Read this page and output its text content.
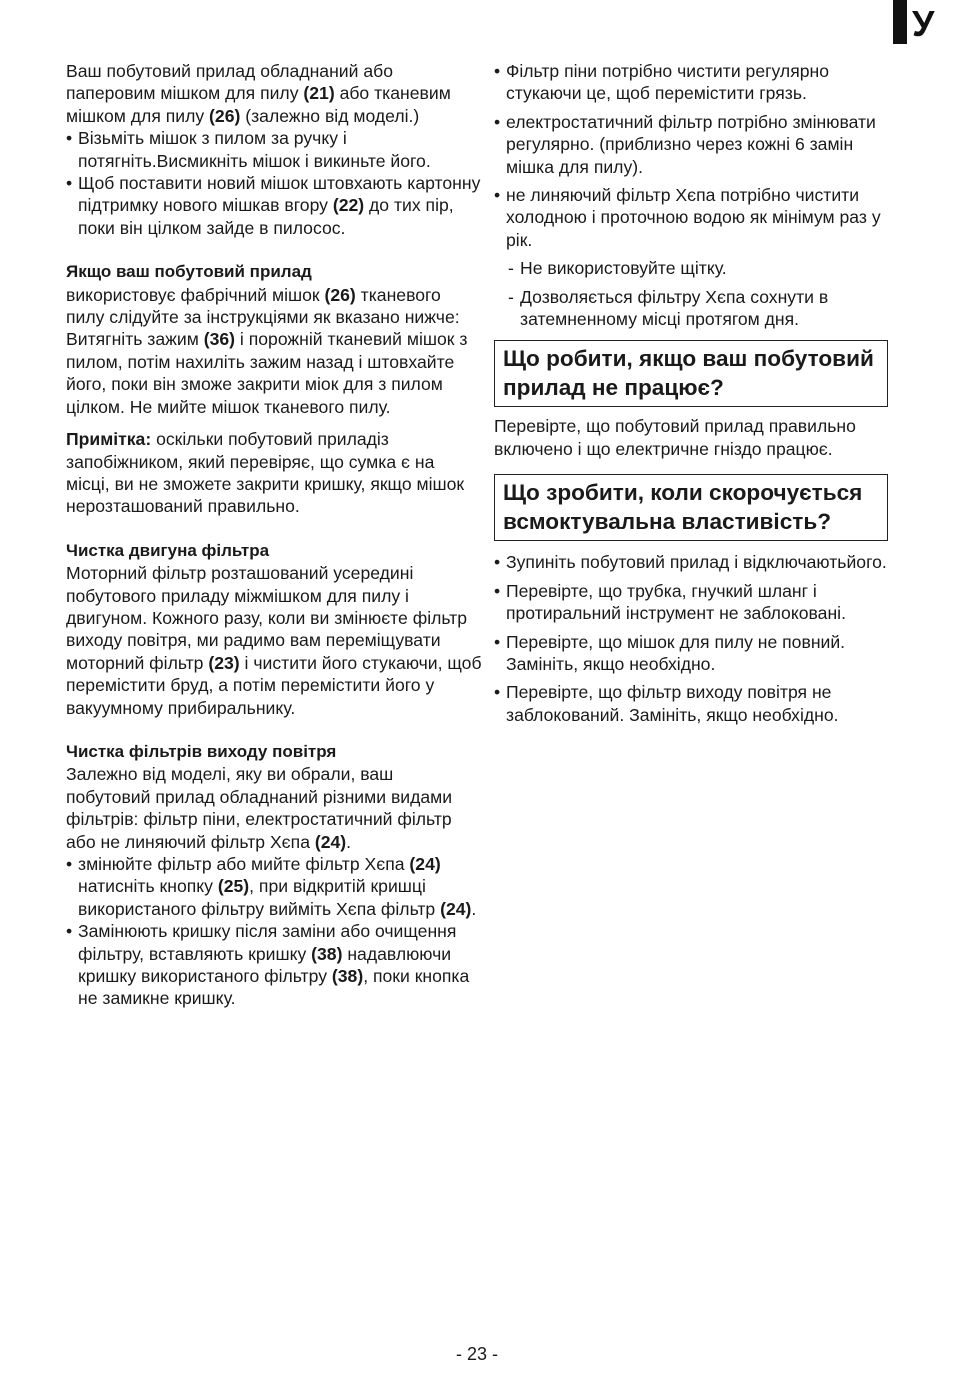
У

Ваш побутовий прилад обладнаний або паперовим мішком для пилу (21) або тканевим мішком для пилу (26) (залежно від моделі.)

• Візьміть мішок з пилом за ручку і потягніть.Висмикніть мішок і викиньте його.
• Щоб поставити новий мішок штовхають картонну підтримку нового мішкав вгору (22) до тих пір, поки він цілком зайде в пилосос.

Якщо ваш побутовий прилад

використовує фабрічний мішок (26) тканевого пилу слідуйте за інструкціями як вказано нижче: Витягніть зажим (36) і порожній тканевий мішок з пилом, потім нахиліть зажим назад і штовхайте його, поки він зможе закрити міок для з пилом цілком. Не мийте мішок тканевого пилу.

Примітка: оскільки побутовий приладіз запобіжником, який перевіряє, що сумка є на місці, ви не зможете закрити кришку, якщо мішок нерозташований правильно.

Чистка двигуна фільтра

Моторний фільтр розташований усередині побутового приладу міжмішком для пилу і двигуном. Кожного разу, коли ви змінюєте фільтр виходу повітря, ми радимо вам переміщувати моторний фільтр (23) і чистити його стукаючи, щоб перемістити бруд, а потім перемістити його у вакуумному прибиральнику.

Чистка фільтрів виходу повітря

Залежно від моделі, яку ви обрали, ваш побутовий прилад обладнаний різними видами фільтрів: фільтр піни, електростатичний фільтр або не линяючий фільтр Хєпа (24).

• змінюйте фільтр або мийте фільтр Хєпа (24) натисніть кнопку (25), при відкритій кришці використаного фільтру вийміть Хєпа фільтр (24).
• Замінюють кришку після заміни або очищення фільтру, вставляють кришку (38) надавлюючи кришку використаного фільтру (38), поки кнопка не замикне кришку.
• Фільтр піни потрібно чистити регулярно стукаючи це, щоб перемістити грязь.
• електростатичний фільтр потрібно змінювати регулярно. (приблизно через кожні 6 замін мішка для пилу).
• не линяючий фільтр Хєпа потрібно чистити холодною і проточною водою як мінімум раз у рік.
- Не використовуйте щітку.
- Дозволяється фільтру Хєпа сохнути в затемненному місці протягом дня.
Що робити, якщо ваш побутовий прилад не працює?

Перевірте, що побутовий прилад правильно включено і що електричне гніздо працює.

Що зробити, коли скорочується всмоктувальна властивість?
• Зупиніть побутовий прилад і відключаютьйого.
• Перевірте, що трубка, гнучкий шланг і протиральний інструмент не заблоковані.
• Перевірте, що мішок для пилу не повний. Замініть, якщо необхідно.
• Перевірте, що фільтр виходу повітря не заблокований. Замініть, якщо необхідно.
- 23 -
